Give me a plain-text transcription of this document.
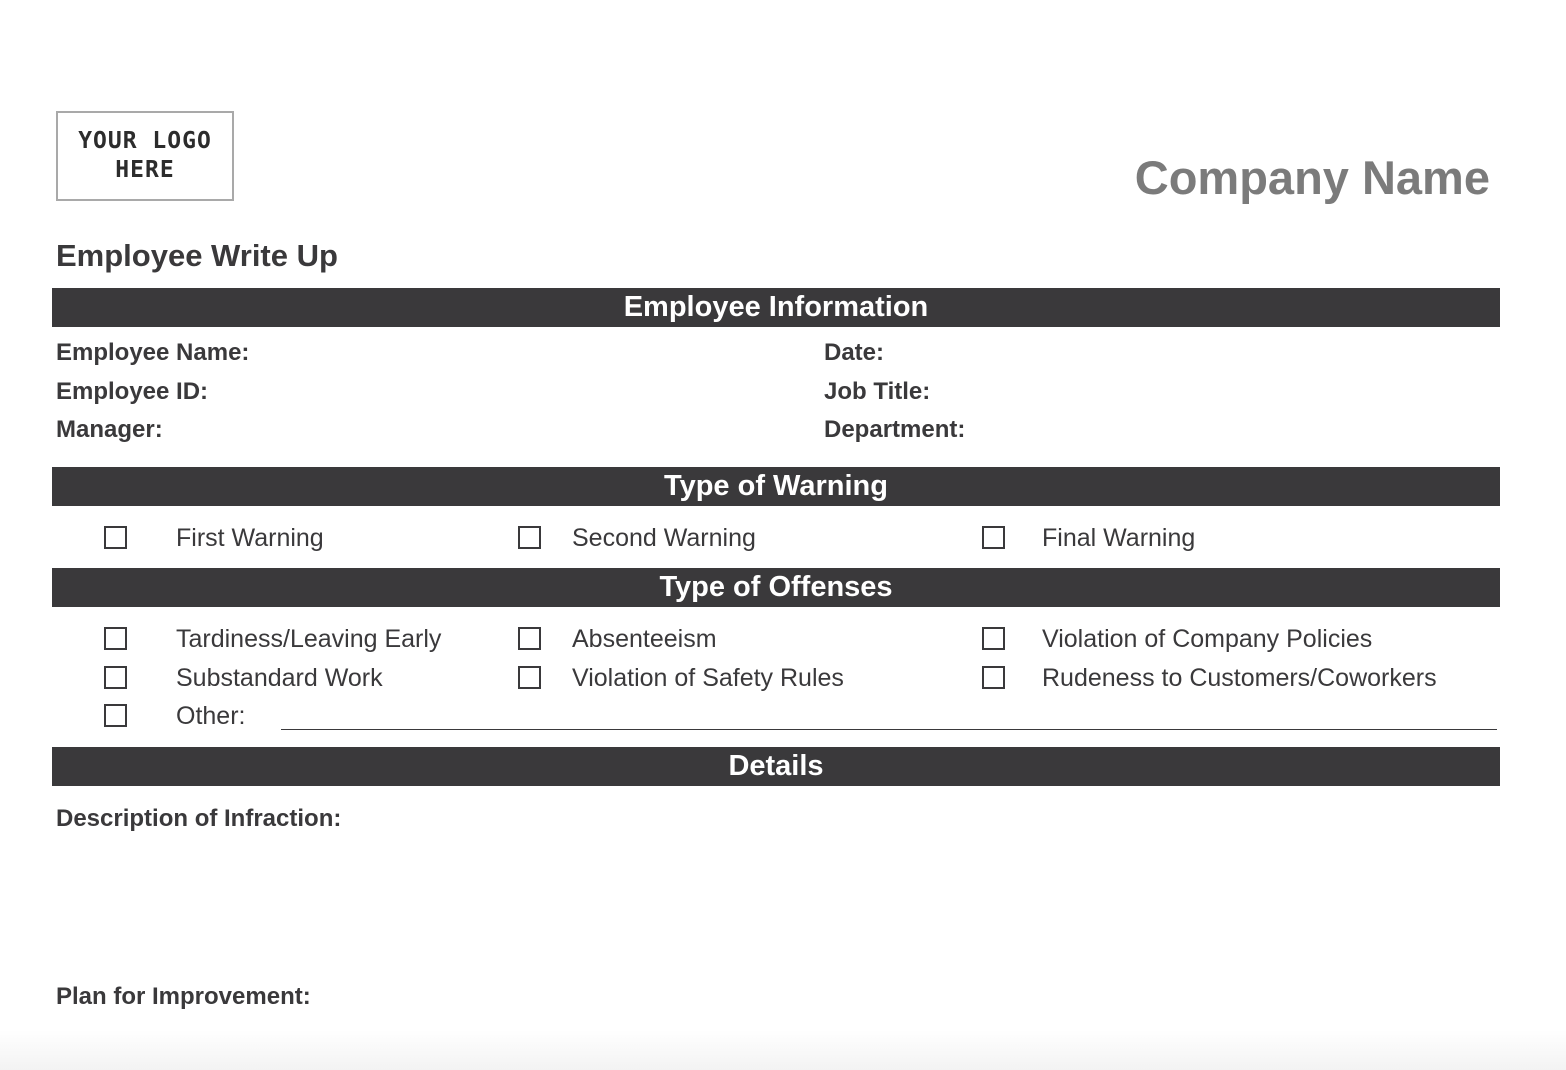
YOUR LOGO
HERE	Company Name
Employee Write Up
Employee Information
Employee Name:
Employee ID:
Manager:
Date:
Job Title:
Department:
Type of Warning
First Warning	Second Warning	Final Warning
Type of Offenses
Tardiness/Leaving Early	Absenteeism	Violation of Company Policies
Substandard Work	Violation of Safety Rules	Rudeness to Customers/Coworkers
Other:
Details
Description of Infraction:
Plan for Improvement:
